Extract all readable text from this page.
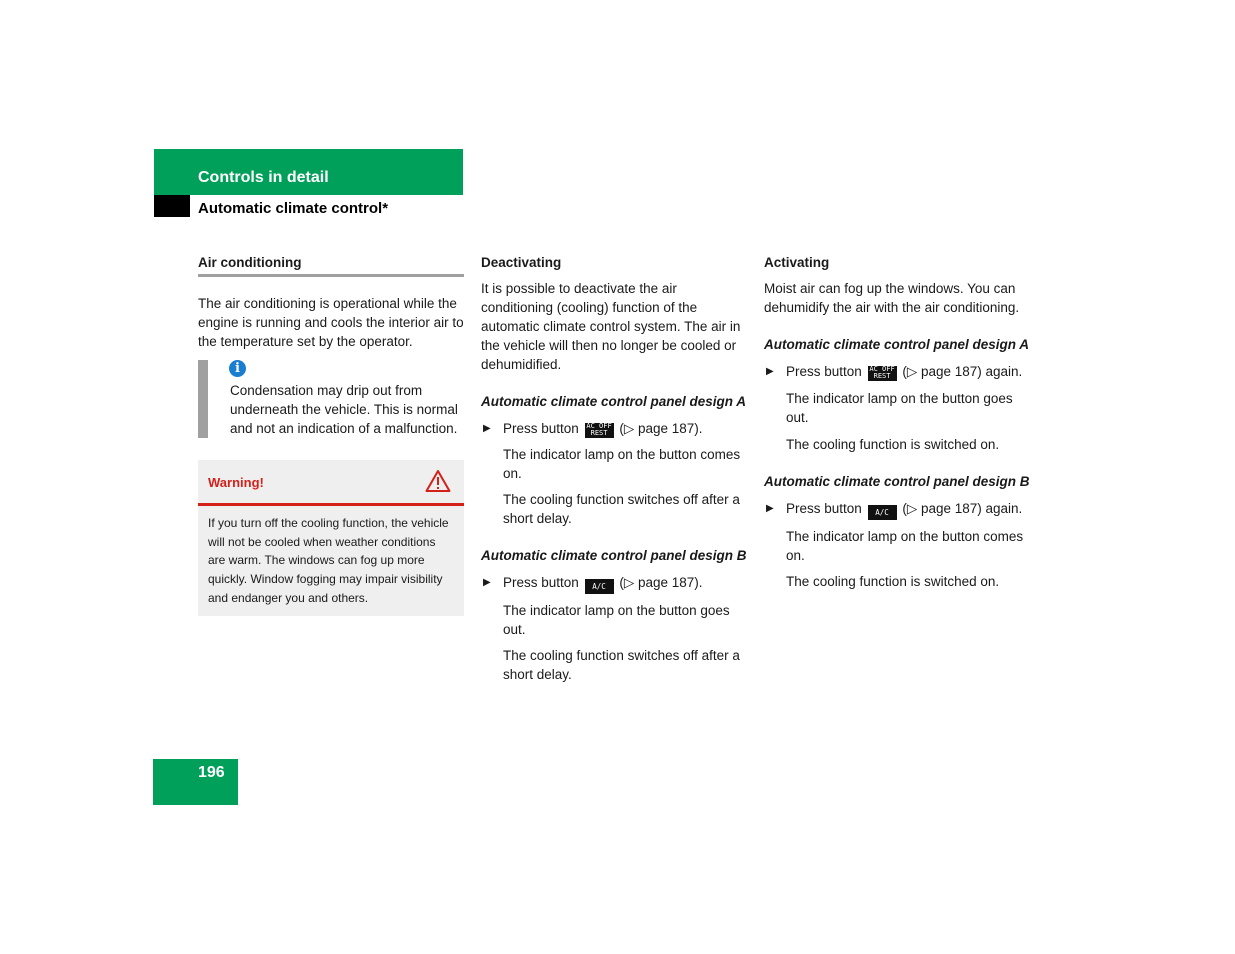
Controls in detail
Automatic climate control*
Air conditioning

The air conditioning is operational while the engine is running and cools the interior air to the temperature set by the operator.

i

Condensation may drip out from underneath the vehicle. This is normal and not an indication of a malfunction.

Warning!
If you turn off the cooling function, the vehicle will not be cooled when weather conditions are warm. The windows can fog up more quickly. Window fogging may impair visibility and endanger you and others.
Deactivating

It is possible to deactivate the air conditioning (cooling) function of the automatic climate control system. The air in the vehicle will then no longer be cooled or dehumidified.

Automatic climate control panel design A
▶ Press button AC OFF
REST (▷ page 187).

The indicator lamp on the button comes on.

The cooling function switches off after a short delay.

Automatic climate control panel design B
▶ Press button A/C (▷ page 187).

The indicator lamp on the button goes out.

The cooling function switches off after a short delay.

Activating

Moist air can fog up the windows. You can dehumidify the air with the air conditioning.

Automatic climate control panel design A
▶ Press button AC OFF
REST (▷ page 187) again.

The indicator lamp on the button goes out.

The cooling function is switched on.

Automatic climate control panel design B
▶ Press button A/C (▷ page 187) again.

The indicator lamp on the button comes on.

The cooling function is switched on.

196
